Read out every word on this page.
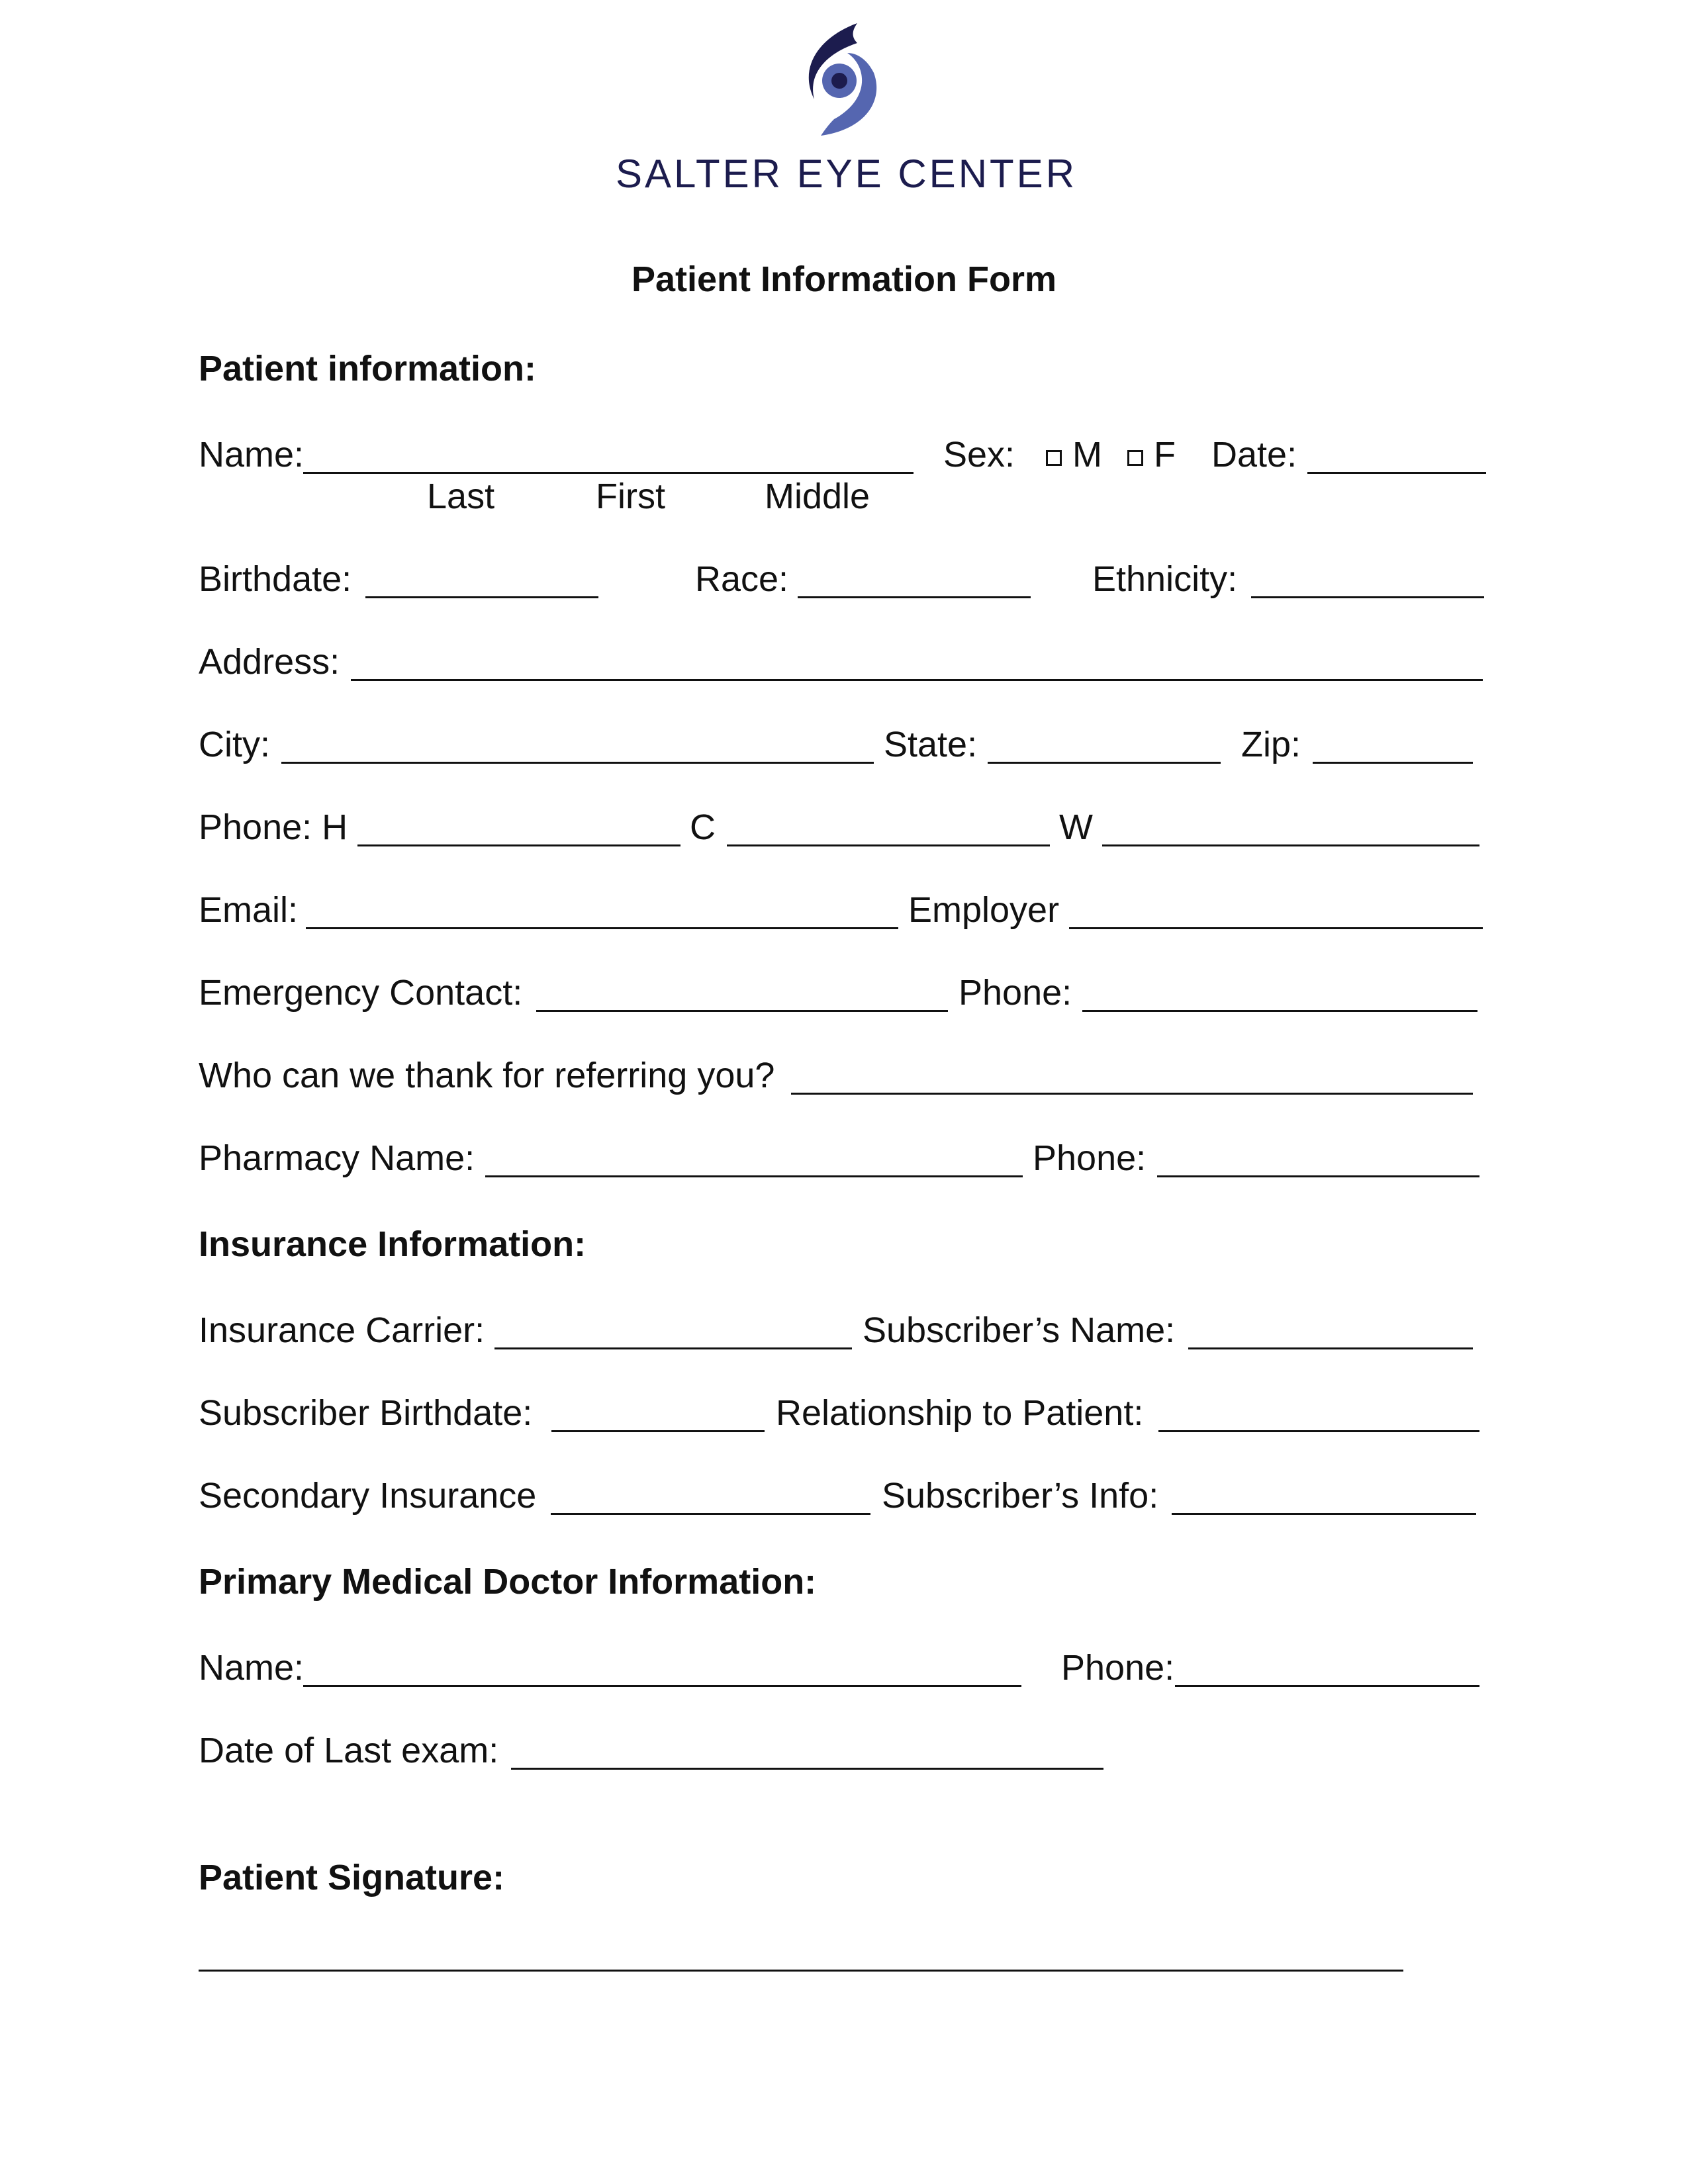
SALTER EYE CENTER
Patient Information Form
Patient information:
Name:	Sex: M F Date:
Last	First	Middle
Birthdate:	Race:	Ethnicity:
Address:
City:	State:	Zip:
Phone: H	C	W
Email:	Employer
Emergency Contact:	Phone:
Who can we thank for referring you?
Pharmacy Name:	Phone:
Insurance Information:
Insurance Carrier:	Subscriber’s Name:
Subscriber Birthdate:	Relationship to Patient:
Secondary Insurance	Subscriber’s Info:
Primary Medical Doctor Information:
Name:	Phone:
Date of Last exam:
Patient Signature:
